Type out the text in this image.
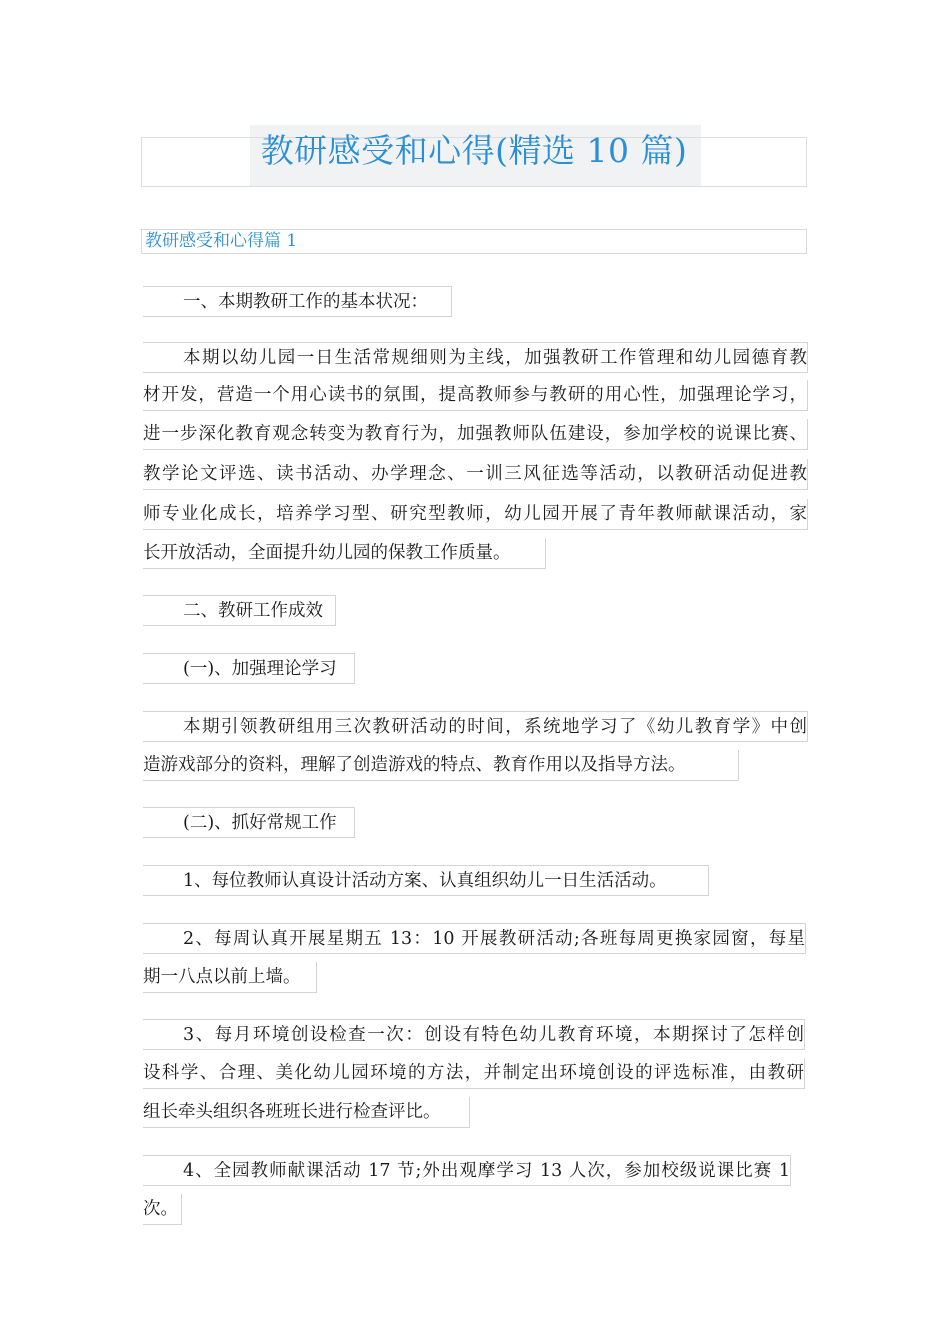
教研感受和心得(精选 10 篇)
教研感受和心得篇 1
一、本期教研工作的基本状况：
本期以幼儿园一日生活常规细则为主线，加强教研工作管理和幼儿园德育教
材开发，营造一个用心读书的氛围，提高教师参与教研的用心性，加强理论学习，
进一步深化教育观念转变为教育行为，加强教师队伍建设，参加学校的说课比赛、
教学论文评选、读书活动、办学理念、一训三风征选等活动，以教研活动促进教
师专业化成长，培养学习型、研究型教师，幼儿园开展了青年教师献课活动，家
长开放活动，全面提升幼儿园的保教工作质量。
二、教研工作成效
(一)、加强理论学习
本期引领教研组用三次教研活动的时间，系统地学习了《幼儿教育学》中创
造游戏部分的资料，理解了创造游戏的特点、教育作用以及指导方法。
(二)、抓好常规工作
1、每位教师认真设计活动方案、认真组织幼儿一日生活活动。
2、每周认真开展星期五 13：10 开展教研活动;各班每周更换家园窗，每星
期一八点以前上墙。
3、每月环境创设检查一次：创设有特色幼儿教育环境，本期探讨了怎样创
设科学、合理、美化幼儿园环境的方法，并制定出环境创设的评选标准，由教研
组长牵头组织各班班长进行检查评比。
4、全园教师献课活动 17 节;外出观摩学习 13 人次，参加校级说课比赛 1
次。
